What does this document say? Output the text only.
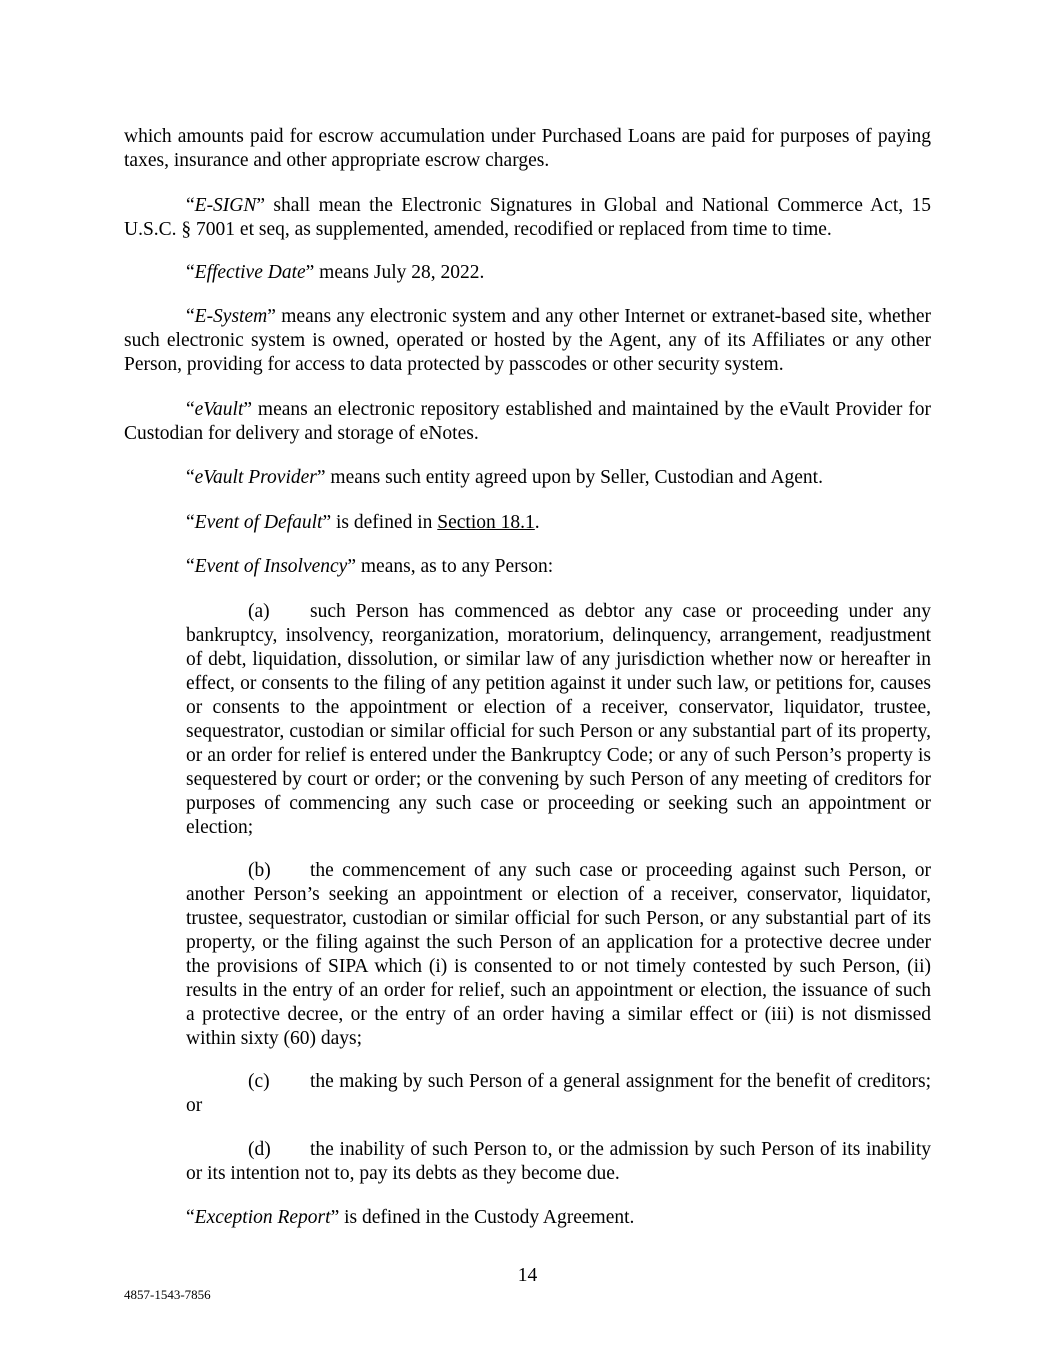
which amounts paid for escrow accumulation under Purchased Loans are paid for purposes of paying taxes, insurance and other appropriate escrow charges.

“E-SIGN” shall mean the Electronic Signatures in Global and National Commerce Act, 15 U.S.C. § 7001 et seq, as supplemented, amended, recodified or replaced from time to time.

“Effective Date” means July 28, 2022.

“E-System” means any electronic system and any other Internet or extranet-based site, whether such electronic system is owned, operated or hosted by the Agent, any of its Affiliates or any other Person, providing for access to data protected by passcodes or other security system.

“eVault” means an electronic repository established and maintained by the eVault Provider for Custodian for delivery and storage of eNotes.

“eVault Provider” means such entity agreed upon by Seller, Custodian and Agent.

“Event of Default” is defined in Section 18.1.

“Event of Insolvency” means, as to any Person:

(a) such Person has commenced as debtor any case or proceeding under any bankruptcy, insolvency, reorganization, moratorium, delinquency, arrangement, readjustment of debt, liquidation, dissolution, or similar law of any jurisdiction whether now or hereafter in effect, or consents to the filing of any petition against it under such law, or petitions for, causes or consents to the appointment or election of a receiver, conservator, liquidator, trustee, sequestrator, custodian or similar official for such Person or any substantial part of its property, or an order for relief is entered under the Bankruptcy Code; or any of such Person’s property is sequestered by court or order; or the convening by such Person of any meeting of creditors for purposes of commencing any such case or proceeding or seeking such an appointment or election;

(b) the commencement of any such case or proceeding against such Person, or another Person’s seeking an appointment or election of a receiver, conservator, liquidator, trustee, sequestrator, custodian or similar official for such Person, or any substantial part of its property, or the filing against the such Person of an application for a protective decree under the provisions of SIPA which (i) is consented to or not timely contested by such Person, (ii) results in the entry of an order for relief, such an appointment or election, the issuance of such a protective decree, or the entry of an order having a similar effect or (iii) is not dismissed within sixty (60) days;

(c) the making by such Person of a general assignment for the benefit of creditors; or

(d) the inability of such Person to, or the admission by such Person of its inability or its intention not to, pay its debts as they become due.

“Exception Report” is defined in the Custody Agreement.

14

4857-1543-7856
